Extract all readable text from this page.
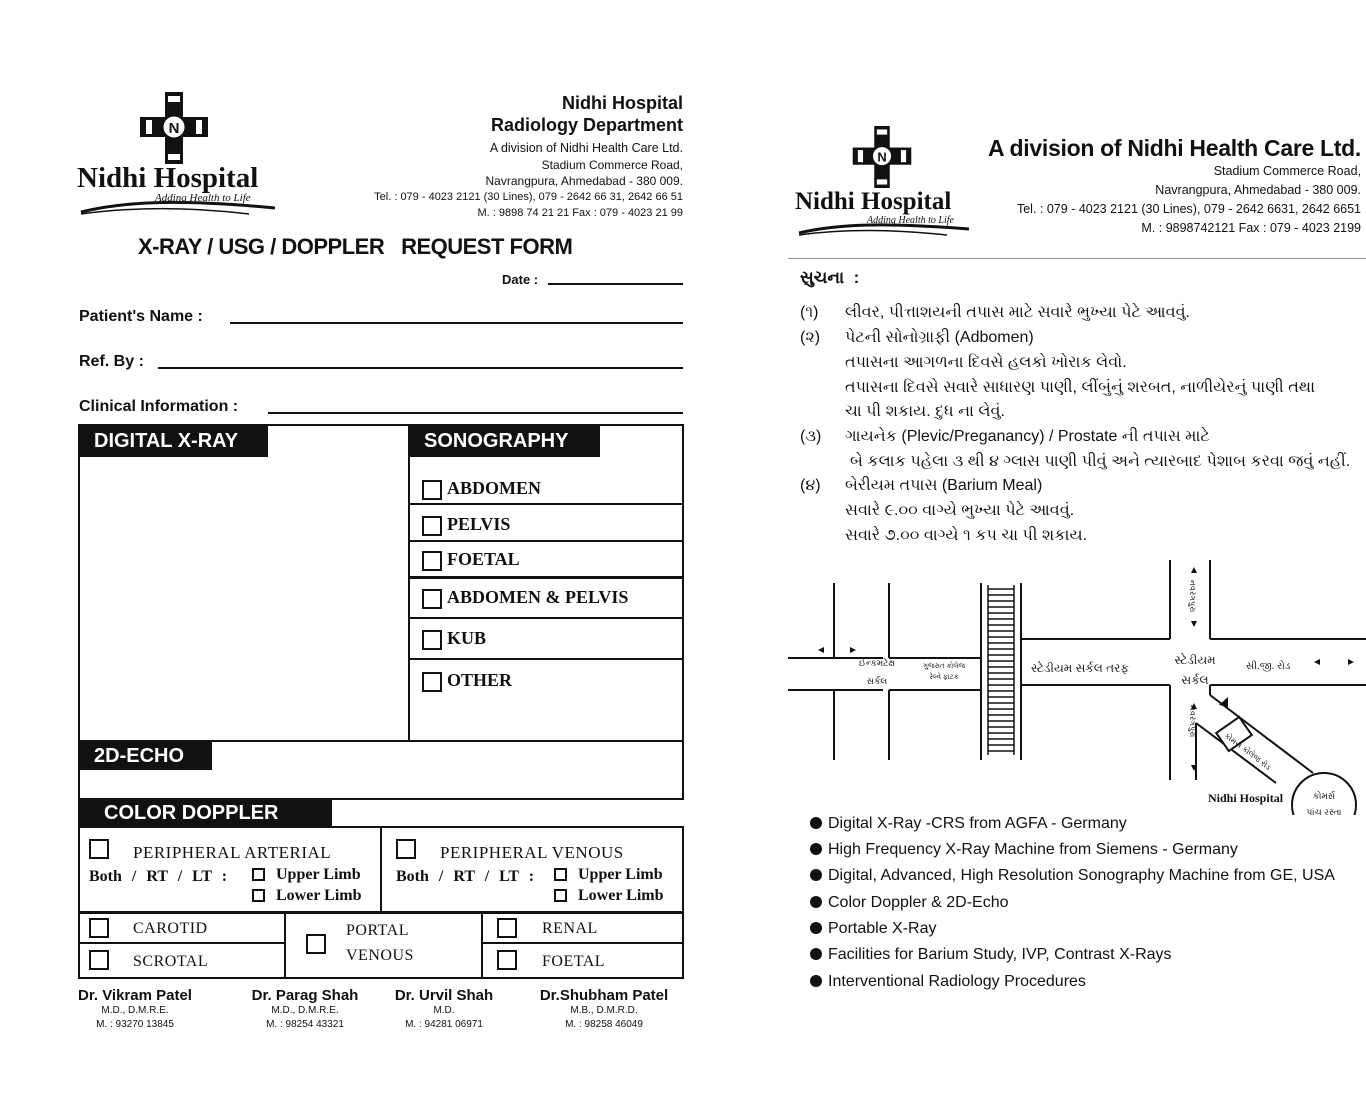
N
Nidhi Hospital
Adding Health to Life
Nidhi Hospital
Radiology Department
A division of Nidhi Health Care Ltd.
Stadium Commerce Road,
Navrangpura, Ahmedabad - 380 009.
Tel. : 079 - 4023 2121 (30 Lines), 079 - 2642 66 31, 2642 66 51
M. : 9898 74 21 21 Fax : 079 - 4023 21 99
X-RAY / USG / DOPPLER   REQUEST FORM
Date :
Patient's Name :
Ref. By :
Clinical Information :
DIGITAL X-RAY	SONOGRAPHY
ABDOMEN
PELVIS
FOETAL
ABDOMEN & PELVIS
KUB
OTHER
2D-ECHO
COLOR DOPPLER
PERIPHERAL ARTERIAL
Both / RT / LT :	Upper Limb
Lower Limb
PERIPHERAL VENOUS
Both / RT / LT :	Upper Limb
Lower Limb
CAROTID
SCROTAL
PORTAL
VENOUS
RENAL
FOETAL
Dr. Vikram Patel
M.D., D.M.R.E.
M. : 93270 13845
Dr. Parag Shah
M.D., D.M.R.E.
M. : 98254 43321
Dr. Urvil Shah
M.D.
M. : 94281 06971
Dr.Shubham Patel
M.B., D.M.R.D.
M. : 98258 46049
N
Nidhi Hospital
Adding Health to Life
A division of Nidhi Health Care Ltd.
Stadium Commerce Road,
Navrangpura, Ahmedabad - 380 009.
Tel. : 079 - 4023 2121 (30 Lines), 079 - 2642 6631, 2642 6651
M. : 9898742121 Fax : 079 - 4023 2199
સુચના  :
(૧) લીવર, પીત્તાશયની તપાસ માટે સવારે ભુખ્યા પેટે આવવું.
(૨) પેટની સોનોગ્રાફી (Adbomen)
તપાસના આગળના દિવસે હલકો ખોરાક લેવો.
તપાસના દિવસે સવારે સાધારણ પાણી, લીંબુંનું શરબત, નાળીયેરનું પાણી તથા
ચા પી શકાય. દુધ ના લેવું.
(૩) ગાયનેક (Plevic/Preganancy) / Prostate ની તપાસ માટે
બે કલાક પહેલા ૩ થી ૪ ગ્લાસ પાણી પીવું અને ત્યારબાદ પેશાબ કરવા જવું નહીં.
(૪) બેરીયમ તપાસ (Barium Meal)
સવારે ૯.૦૦ વાગ્યે ભુખ્યા પેટે આવવું.
સવારે ૭.૦૦ વાગ્યે ૧ કપ ચા પી શકાય.
ઈન્કમટેક્ષ
સર્કલ
ગુજરાત કોલેજ
રેલ્વે ફાટક
સ્ટેડીયમ સર્કલ તરફ
સ્ટેડીયમ
સર્કલ
સી.જી. રોડ
નવરંગપુરા
નવરંગપુરા
કોમર્સ કોલેજ રોડ
Nidhi Hospital	કોમર્સ
પાંચ રસ્તા
Digital X-Ray -CRS from AGFA - Germany
High Frequency X-Ray Machine from Siemens - Germany
Digital, Advanced, High Resolution Sonography Machine from GE, USA
Color Doppler & 2D-Echo
Portable X-Ray
Facilities for Barium Study, IVP, Contrast X-Rays
Interventional Radiology Procedures
